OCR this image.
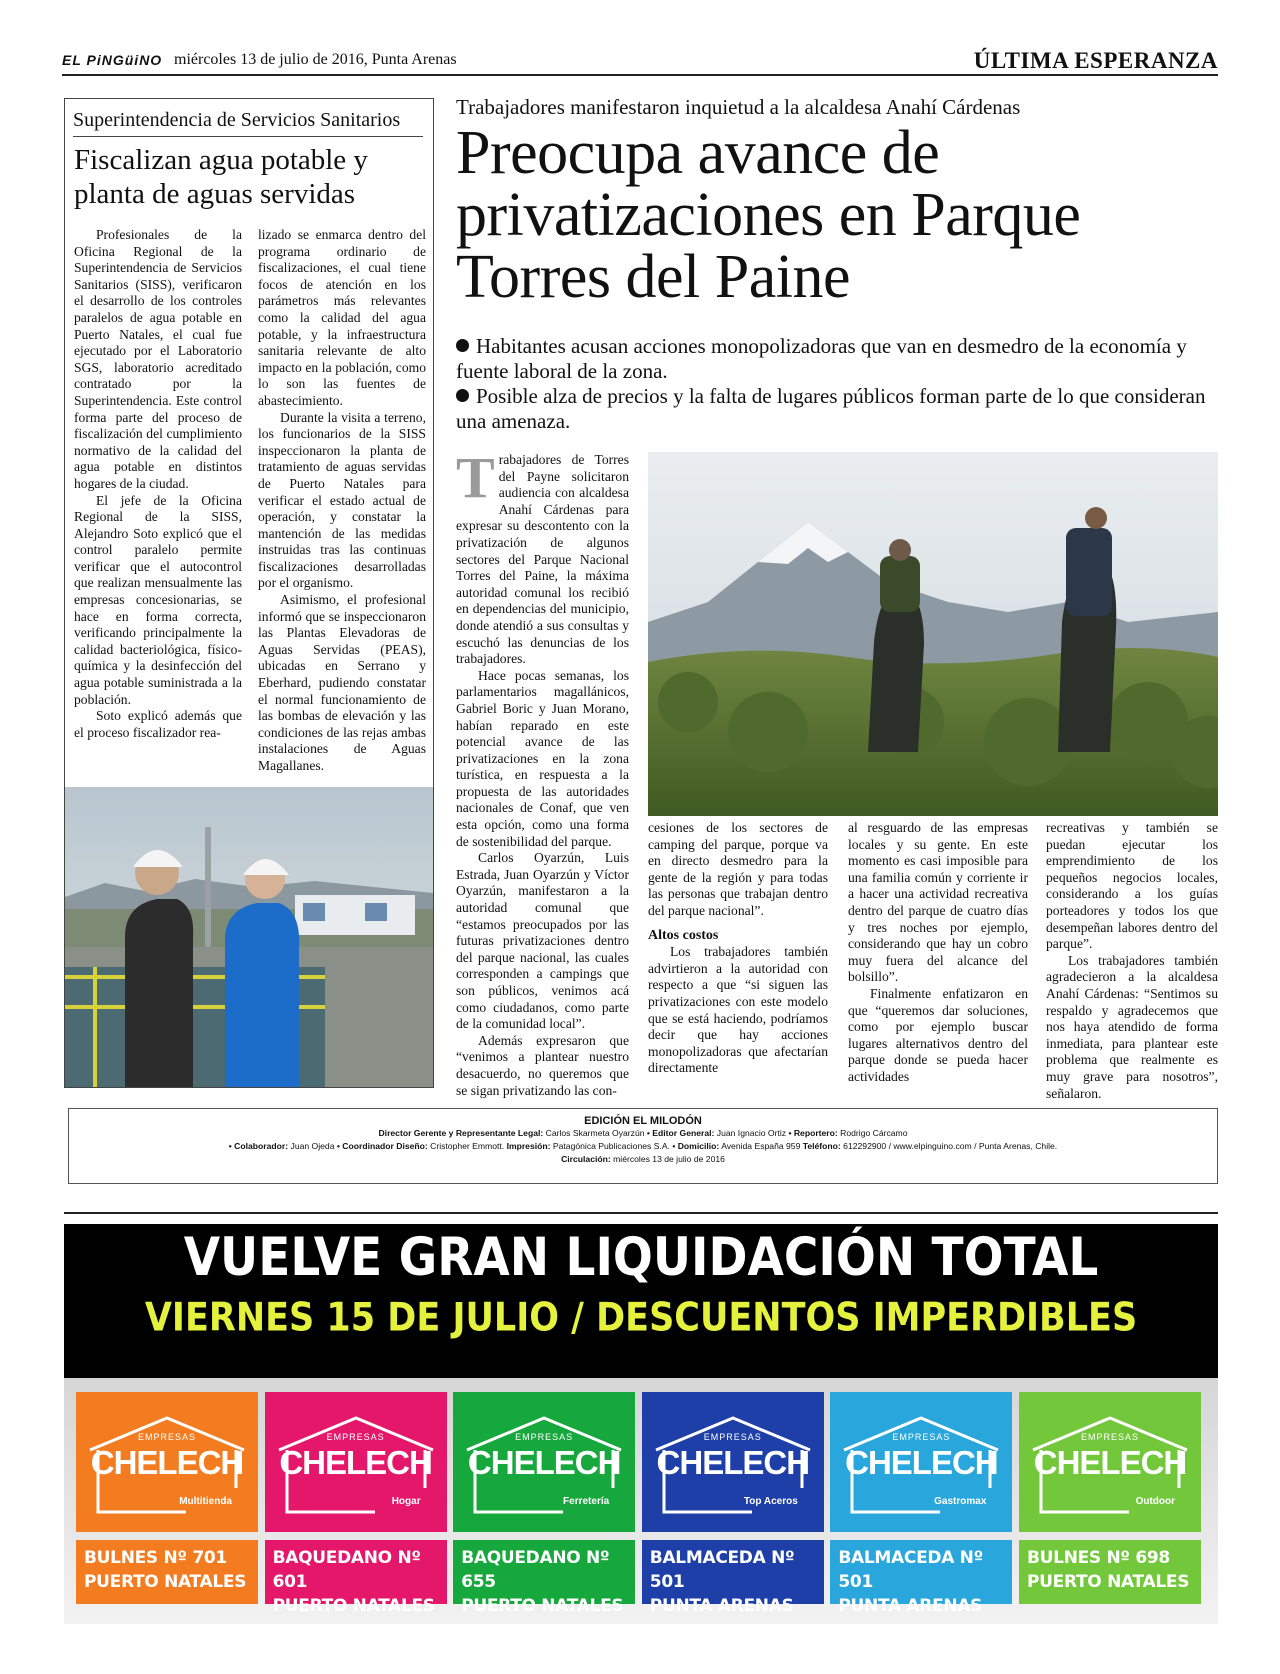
EL PiNGüiNO miércoles 13 de julio de 2016, Punta Arenas	ÚLTIMA ESPERANZA
Superintendencia de Servicios Sanitarios
Fiscalizan agua potable y planta de aguas servidas

Profesionales de la Oficina Regional de la Superintendencia de Servicios Sanitarios (SISS), verificaron el desarrollo de los controles paralelos de agua potable en Puerto Natales, el cual fue ejecutado por el Laboratorio SGS, laboratorio acreditado contratado por la Superintendencia. Este control forma parte del proceso de fiscalización del cumplimiento normativo de la calidad del agua potable en distintos hogares de la ciudad.

El jefe de la Oficina Regional de la SISS, Alejandro Soto explicó que el control paralelo permite verificar que el autocontrol que realizan mensualmente las empresas concesionarias, se hace en forma correcta, verificando principalmente la calidad bacteriológica, físico-química y la desinfección del agua potable suministrada a la población.

Soto explicó además que el proceso fiscalizador rea-

lizado se enmarca dentro del programa ordinario de fiscalizaciones, el cual tiene focos de atención en los parámetros más relevantes como la calidad del agua potable, y la infraestructura sanitaria relevante de alto impacto en la población, como lo son las fuentes de abastecimiento.

Durante la visita a terreno, los funcionarios de la SISS inspeccionaron la planta de tratamiento de aguas servidas de Puerto Natales para verificar el estado actual de operación, y constatar la mantención de las medidas instruidas tras las continuas fiscalizaciones desarrolladas por el organismo.

Asimismo, el profesional informó que se inspeccionaron las Plantas Elevadoras de Aguas Servidas (PEAS), ubicadas en Serrano y Eberhard, pudiendo constatar el normal funcionamiento de las bombas de elevación y las condiciones de las rejas ambas instalaciones de Aguas Magallanes.

Trabajadores manifestaron inquietud a la alcaldesa Anahí Cárdenas
Preocupa avance de privatizaciones en Parque Torres del Paine
Habitantes acusan acciones monopolizadoras que van en desmedro de la economía y fuente laboral de la zona.
Posible alza de precios y la falta de lugares públicos forman parte de lo que consideran una amenaza.

Trabajadores de Torres del Payne solicitaron audiencia con alcaldesa Anahí Cárdenas para expresar su descontento con la privatización de algunos sectores del Parque Nacional Torres del Paine, la máxima autoridad comunal los recibió en dependencias del municipio, donde atendió a sus consultas y escuchó las denuncias de los trabajadores.

Hace pocas semanas, los parlamentarios magallánicos, Gabriel Boric y Juan Morano, habían reparado en este potencial avance de las privatizaciones en la zona turística, en respuesta a la propuesta de las autoridades nacionales de Conaf, que ven esta opción, como una forma de sostenibilidad del parque.

Carlos Oyarzún, Luis Estrada, Juan Oyarzún y Víctor Oyarzún, manifestaron a la autoridad comunal que “estamos preocupados por las futuras privatizaciones dentro del parque nacional, las cuales corresponden a campings que son públicos, venimos acá como ciudadanos, como parte de la comunidad local”.

Además expresaron que “venimos a plantear nuestro desacuerdo, no queremos que se sigan privatizando las con-

cesiones de los sectores de camping del parque, porque va en directo desmedro para la gente de la región y para todas las personas que trabajan dentro del parque nacional”.

Altos costos

Los trabajadores también advirtieron a la autoridad con respecto a que “si siguen las privatizaciones con este modelo que se está haciendo, podríamos decir que hay acciones monopolizadoras que afectarían directamente

al resguardo de las empresas locales y su gente. En este momento es casi imposible para una familia común y corriente ir a hacer una actividad recreativa dentro del parque de cuatro días y tres noches por ejemplo, considerando que hay un cobro muy fuera del alcance del bolsillo”.

Finalmente enfatizaron en que “queremos dar soluciones, como por ejemplo buscar lugares alternativos dentro del parque donde se pueda hacer actividades

recreativas y también se puedan ejecutar los emprendimiento de los pequeños negocios locales, considerando a los guías porteadores y todos los que desempeñan labores dentro del parque”.

Los trabajadores también agradecieron a la alcaldesa Anahí Cárdenas: “Sentimos su respaldo y agradecemos que nos haya atendido de forma inmediata, para plantear este problema que realmente es muy grave para nosotros”, señalaron.

EDICIÓN EL MILODÓN
Director Gerente y Representante Legal: Carlos Skarmeta Oyarzún • Editor General: Juan Ignacio Ortiz • Reportero: Rodrigo Cárcamo
• Colaborador: Juan Ojeda • Coordinador Diseño: Cristopher Emmott. Impresión: Patagónica Publicaciones S.A. • Domicilio: Avenida España 959 Teléfono: 612292900 / www.elpinguino.com / Punta Arenas, Chile.
Circulación: miércoles 13 de julio de 2016
VUELVE GRAN LIQUIDACIÓN TOTAL
VIERNES 15 DE JULIO / DESCUENTOS IMPERDIBLES
EMPRESAS
CHELECH
Multitienda
BULNES Nº 701
PUERTO NATALES
EMPRESAS
CHELECH
Hogar
BAQUEDANO Nº 601
PUERTO NATALES
EMPRESAS
CHELECH
Ferretería
BAQUEDANO Nº 655
PUERTO NATALES
EMPRESAS
CHELECH
Top Aceros
BALMACEDA Nº 501
PUNTA ARENAS
EMPRESAS
CHELECH
Gastromax
BALMACEDA Nº 501
PUNTA ARENAS
EMPRESAS
CHELECH
Outdoor
BULNES Nº 698
PUERTO NATALES
